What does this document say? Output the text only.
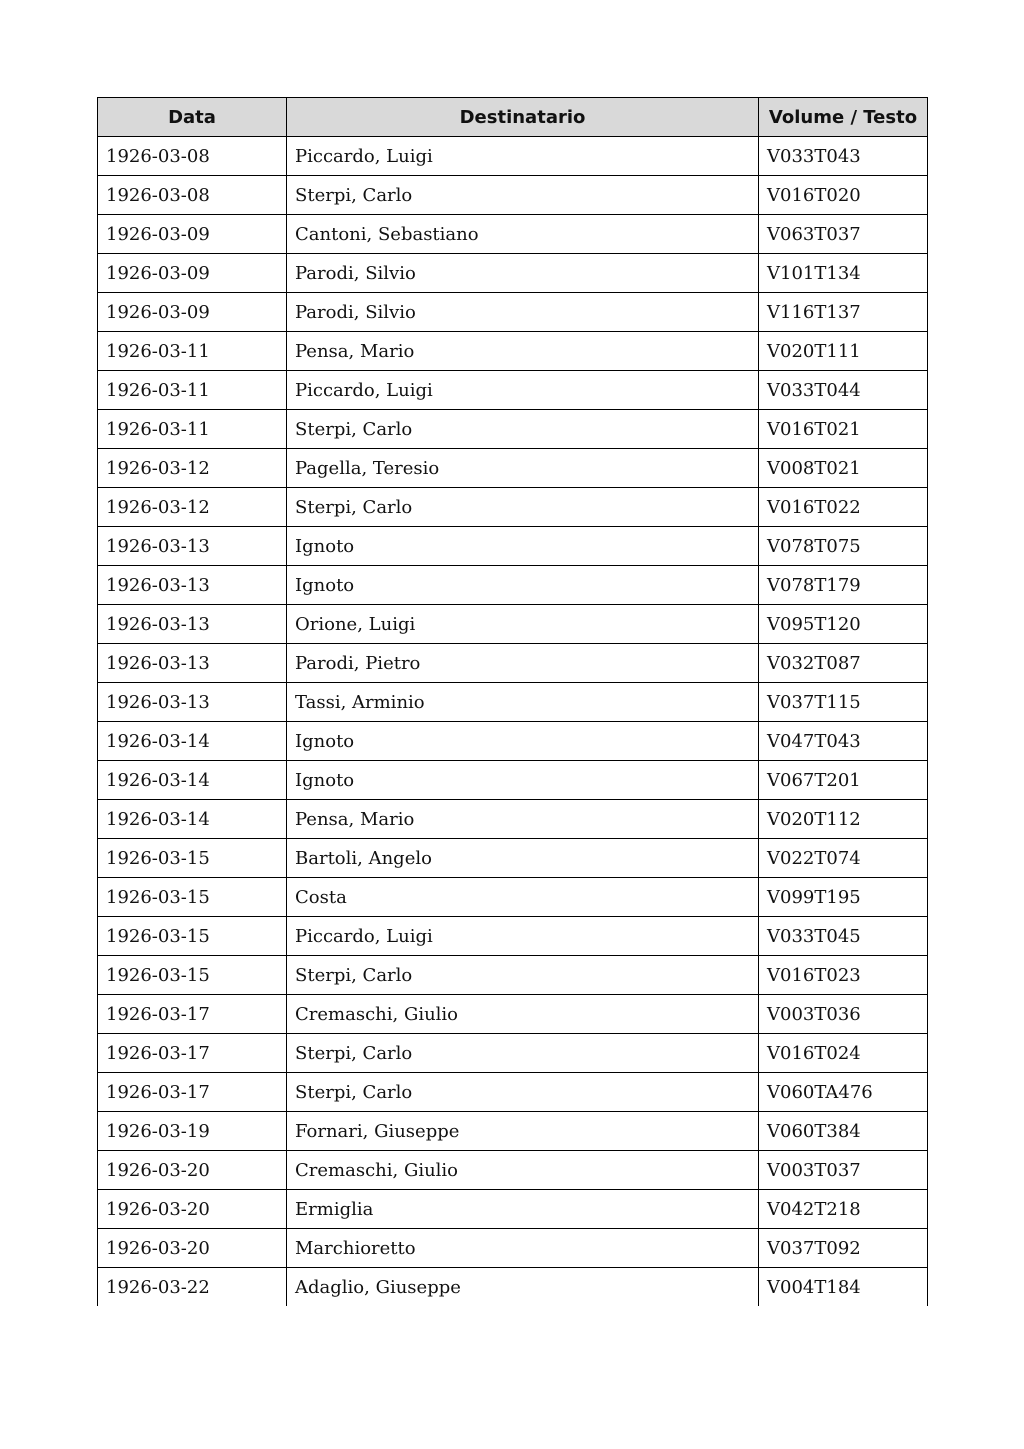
Data	Destinatario	Volume / Testo
1926-03-08	Piccardo, Luigi	V033T043
1926-03-08	Sterpi, Carlo	V016T020
1926-03-09	Cantoni, Sebastiano	V063T037
1926-03-09	Parodi, Silvio	V101T134
1926-03-09	Parodi, Silvio	V116T137
1926-03-11	Pensa, Mario	V020T111
1926-03-11	Piccardo, Luigi	V033T044
1926-03-11	Sterpi, Carlo	V016T021
1926-03-12	Pagella, Teresio	V008T021
1926-03-12	Sterpi, Carlo	V016T022
1926-03-13	Ignoto	V078T075
1926-03-13	Ignoto	V078T179
1926-03-13	Orione, Luigi	V095T120
1926-03-13	Parodi, Pietro	V032T087
1926-03-13	Tassi, Arminio	V037T115
1926-03-14	Ignoto	V047T043
1926-03-14	Ignoto	V067T201
1926-03-14	Pensa, Mario	V020T112
1926-03-15	Bartoli, Angelo	V022T074
1926-03-15	Costa	V099T195
1926-03-15	Piccardo, Luigi	V033T045
1926-03-15	Sterpi, Carlo	V016T023
1926-03-17	Cremaschi, Giulio	V003T036
1926-03-17	Sterpi, Carlo	V016T024
1926-03-17	Sterpi, Carlo	V060TA476
1926-03-19	Fornari, Giuseppe	V060T384
1926-03-20	Cremaschi, Giulio	V003T037
1926-03-20	Ermiglia	V042T218
1926-03-20	Marchioretto	V037T092
1926-03-22	Adaglio, Giuseppe	V004T184
